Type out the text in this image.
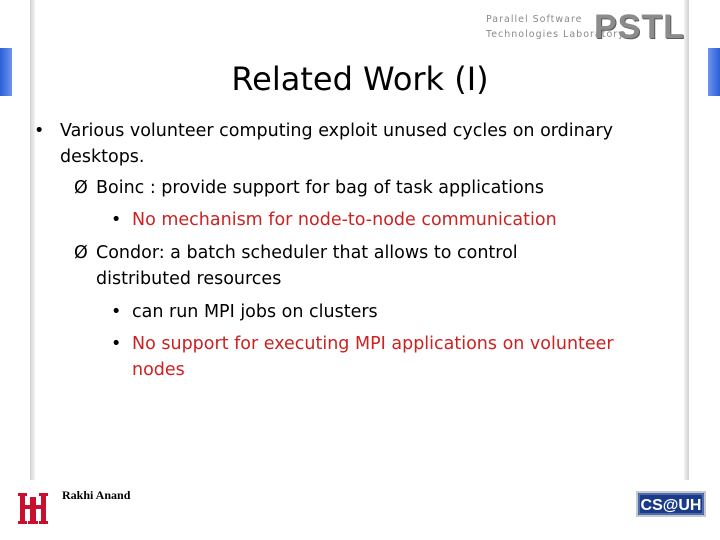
Parallel Software
Technologies Laboratory
PSTL
Related Work (I)
• Various volunteer computing exploit unused cycles on ordinary
desktops.
Ø Boinc : provide support for bag of task applications
• No mechanism for node-to-node communication
Ø Condor: a batch scheduler that allows to control
distributed resources
• can run MPI jobs on clusters
• No support for executing MPI applications on volunteer
nodes
Rakhi Anand
CS@UH
